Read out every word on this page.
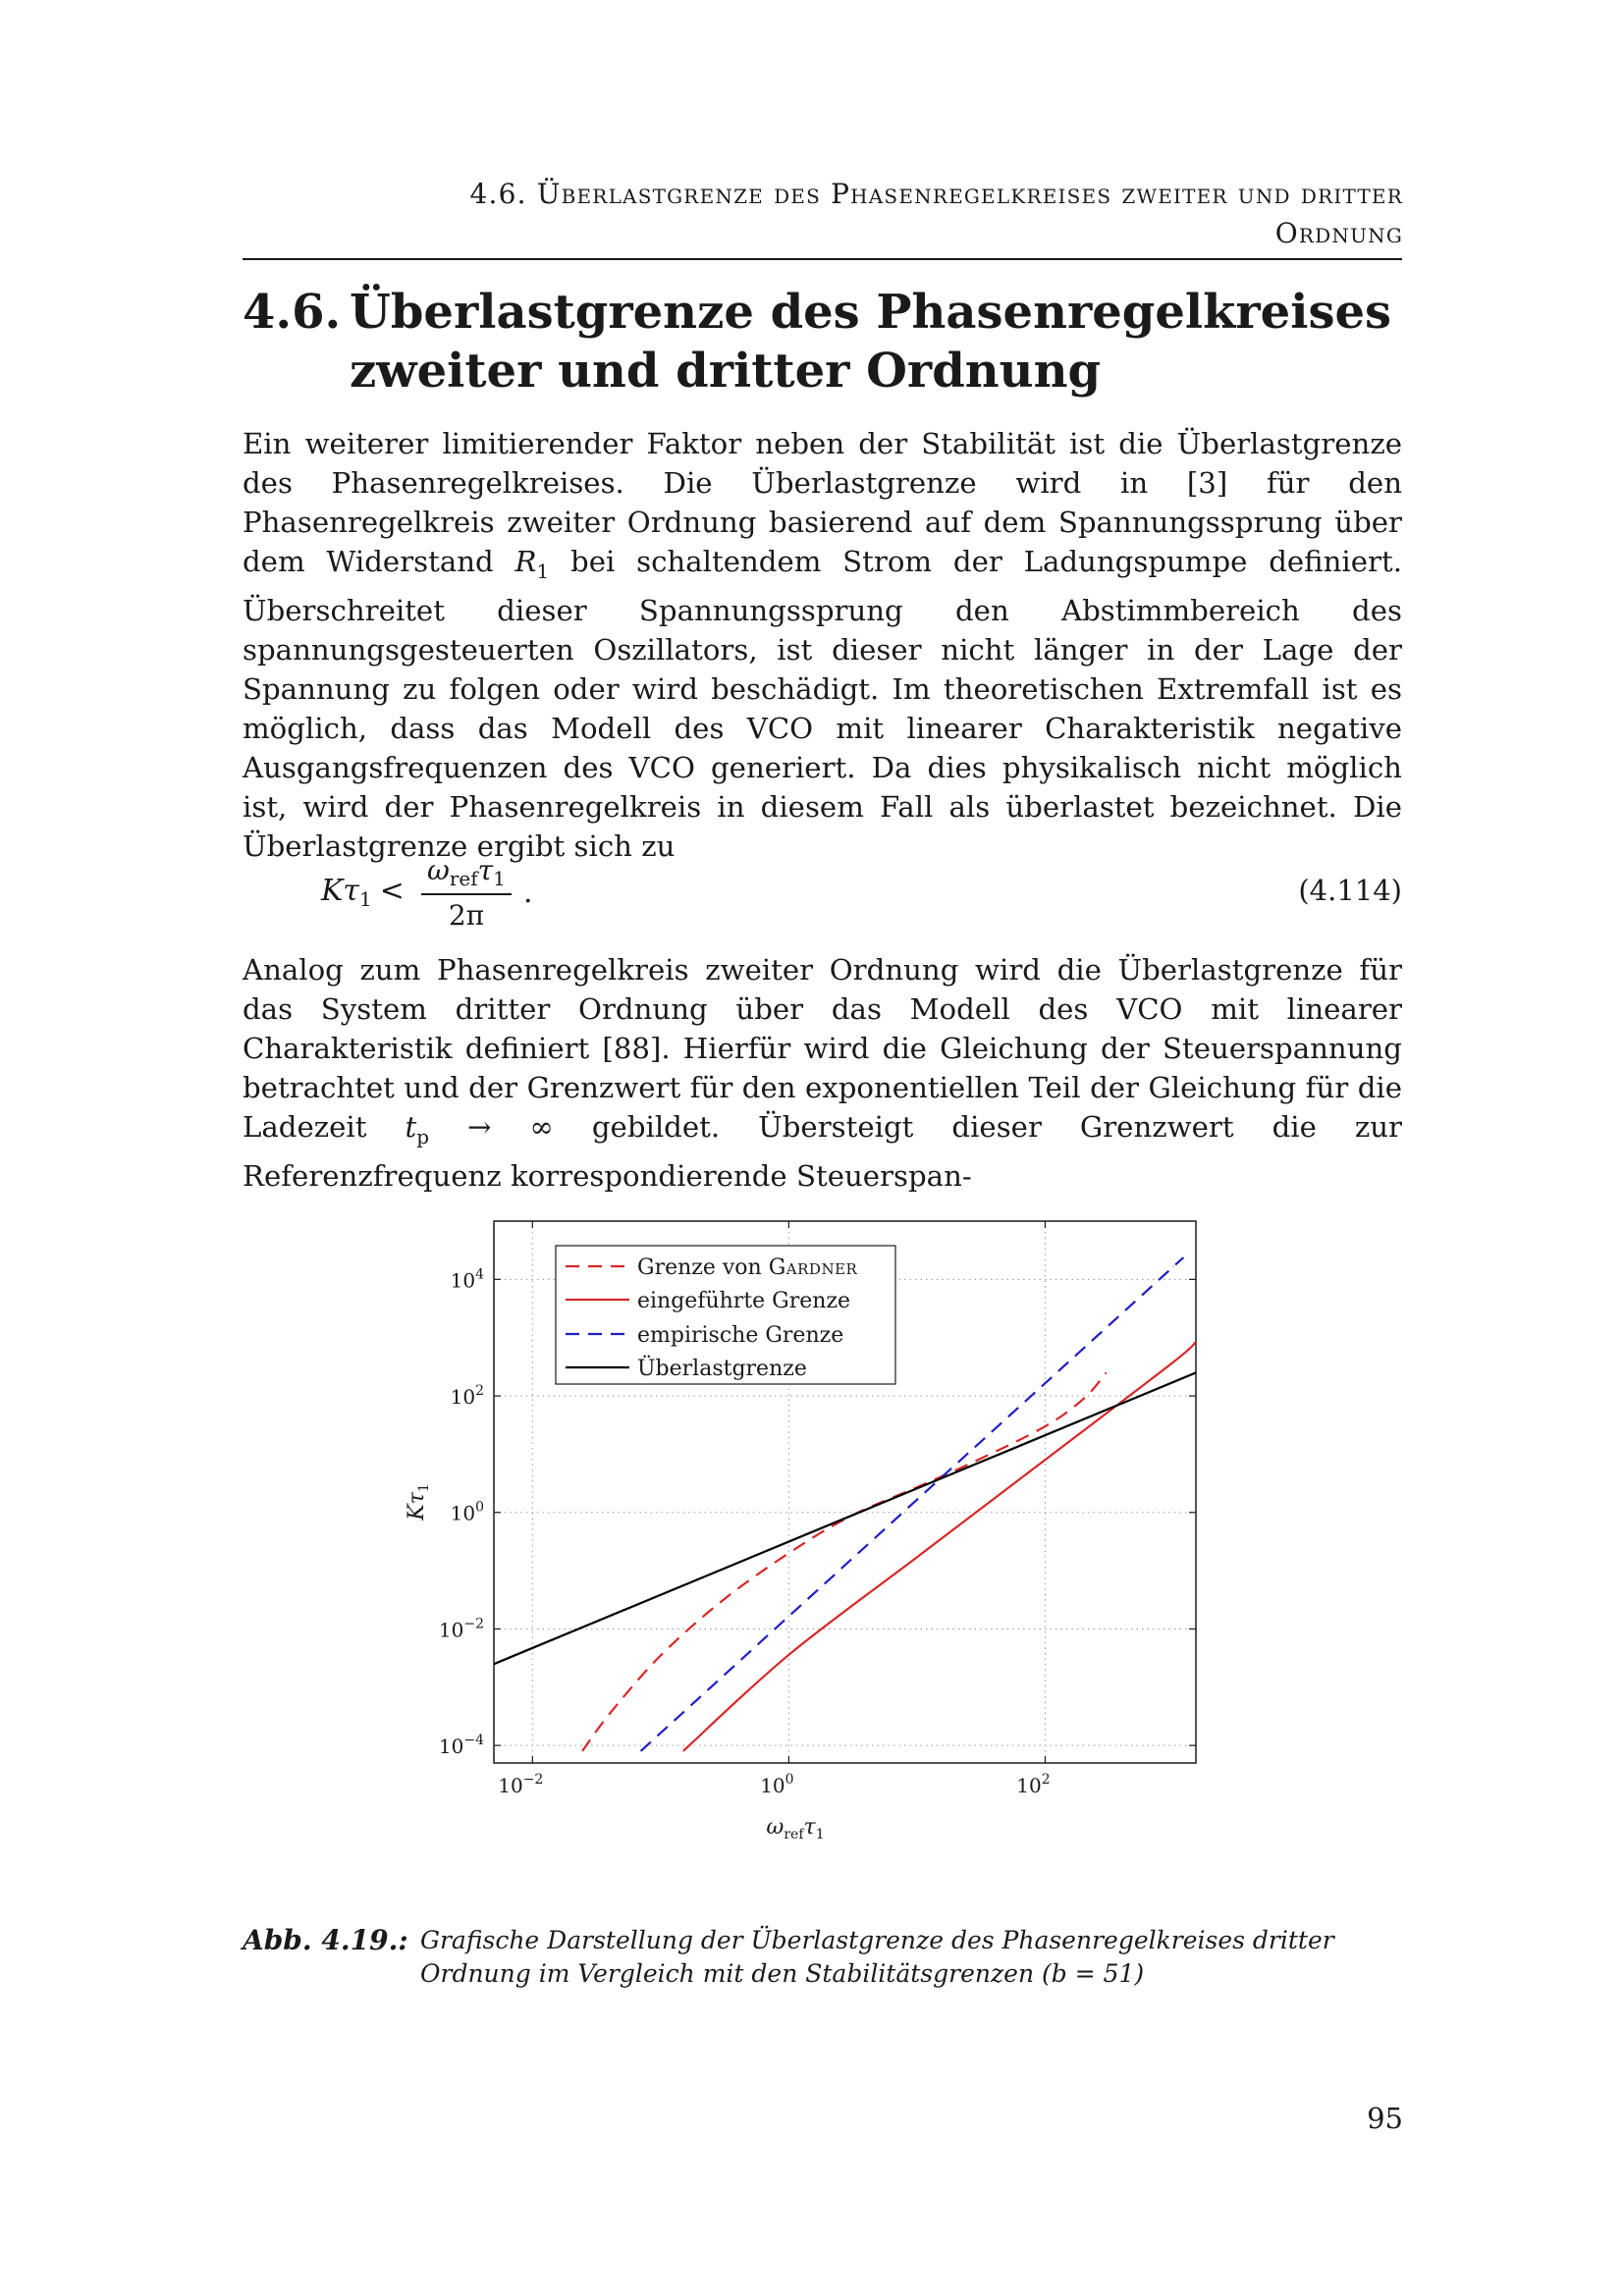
4.6. Überlastgrenze des Phasenregelkreises zweiter und dritter
Ordnung
4.6. Überlastgrenze des Phasenregelkreises
zweiter und dritter Ordnung

Ein weiterer limitierender Faktor neben der Stabilität ist die Überlastgrenze des Phasenregelkreises. Die Überlastgrenze wird in [3] für den Phasenregelkreis zweiter Ordnung basierend auf dem Spannungssprung über dem Widerstand $R_1$ bei schaltendem Strom der Ladungspumpe definiert. Überschreitet dieser Spannungssprung den Abstimmbereich des spannungsgesteuerten Oszillators, ist dieser nicht länger in der Lage der Spannung zu folgen oder wird beschädigt. Im theoretischen Extremfall ist es möglich, dass das Modell des VCO mit linearer Charakteristik negative Ausgangsfrequenzen des VCO generiert. Da dies physikalisch nicht möglich ist, wird der Phasenregelkreis in diesem Fall als überlastet bezeichnet. Die Überlastgrenze ergibt sich zu

$K\tau_1$ <
$\omega_{ref}\tau_1$
2π
.	(4.114)

Analog zum Phasenregelkreis zweiter Ordnung wird die Überlastgrenze für das System dritter Ordnung über das Modell des VCO mit linearer Charakteristik definiert [88]. Hierfür wird die Gleichung der Steuerspannung betrachtet und der Grenzwert für den exponentiellen Teil der Gleichung für die Ladezeit $t_p$ → ∞ gebildet. Übersteigt dieser Grenzwert die zur Referenzfrequenz korrespondierende Steuerspan-

$10^{-2}$	$10^0$	$10^2$
$10^{-4}$
$10^{-2}$
$10^0$
$10^2$
$10^4$	Grenze von Gardner
eingeführte Grenze
empirische Grenze
Überlastgrenze
$\omega_{ref}\tau_1$
$K\tau_1$
Abb. 4.19.: Grafische Darstellung der Überlastgrenze des Phasenregelkreises dritter Ordnung im Vergleich mit den Stabilitätsgrenzen (b = 51)
95
